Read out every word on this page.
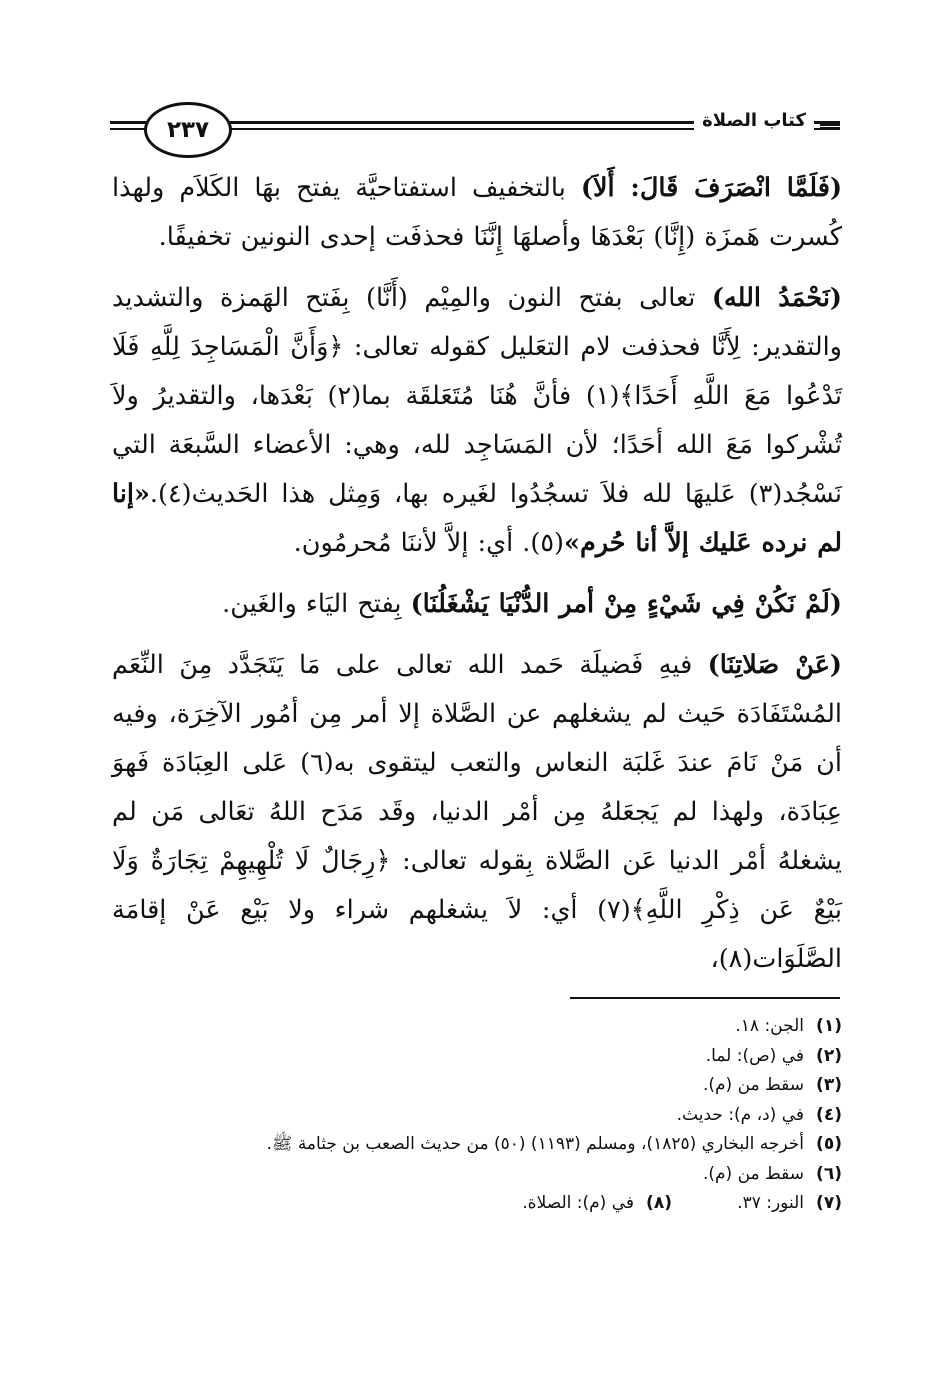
كتاب الصلاة
٢٣٧

(فَلَمَّا انْصَرَفَ قَالَ: أَلاَ) بالتخفيف استفتاحيَّة يفتح بهَا الكَلاَم ولهذا كُسرت هَمزَة (إِنَّا) بَعْدَهَا وأصلهَا إِنَّنَا فحذفَت إحدى النونين تخفيفًا.

(نَحْمَدُ الله) تعالى بفتح النون والمِيْم (أَنَّا) بِفَتح الهَمزة والتشديد والتقدير: لِأَنَّا فحذفت لام التعَليل كقوله تعالى: ﴿وَأَنَّ الْمَسَاجِدَ لِلَّهِ فَلَا تَدْعُوا مَعَ اللَّهِ أَحَدًا﴾(١) فأنَّ هُنَا مُتَعَلقَة بما(٢) بَعْدَها، والتقديرُ ولاَ تُشْركوا مَعَ الله أحَدًا؛ لأن المَسَاجِد لله، وهي: الأعضاء السَّبعَة التي نَسْجُد(٣) عَليهَا لله فلاَ تسجُدُوا لغَيره بها، وَمِثل هذا الحَديث(٤).«إنا لم نرده عَليك إلاَّ أنا حُرم»(٥). أي: إلاَّ لأننَا مُحرمُون.

(لَمْ نَكُنْ فِي شَيْءٍ مِنْ أمر الدُّنْيَا يَشْغَلُنَا) بِفتح اليَاء والغَين.

(عَنْ صَلاتِنَا) فيهِ فَضيلَة حَمد الله تعالى على مَا يَتَجَدَّد مِنَ النِّعَم المُسْتَفَادَة حَيث لم يشغلهم عن الصَّلاة إلا أمر مِن أمُور الآخِرَة، وفيه أن مَنْ نَامَ عندَ غَلبَة النعاس والتعب ليتقوى به(٦) عَلى العِبَادَة فَهوَ عِبَادَة، ولهذا لم يَجعَلهُ مِن أمْر الدنيا، وقَد مَدَح اللهُ تعَالى مَن لم يشغلهُ أمْر الدنيا عَن الصَّلاة بِقوله تعالى: ﴿رِجَالٌ لَا تُلْهِيهِمْ تِجَارَةٌ وَلَا بَيْعٌ عَن ذِكْرِ اللَّهِ﴾(٧) أي: لاَ يشغلهم شراء ولا بَيْع عَنْ إقامَة الصَّلَوَات(٨)،

(١)الجن: ١٨.
(٢)في (ص): لما.
(٣)سقط من (م).
(٤)في (د، م): حديث.
(٥)أخرجه البخاري (١٨٢٥)، ومسلم (١١٩٣) (٥٠) من حديث الصعب بن جثامة ﷺ.
(٦)سقط من (م).
(٧)النور: ٣٧.
(٨)في (م): الصلاة.
